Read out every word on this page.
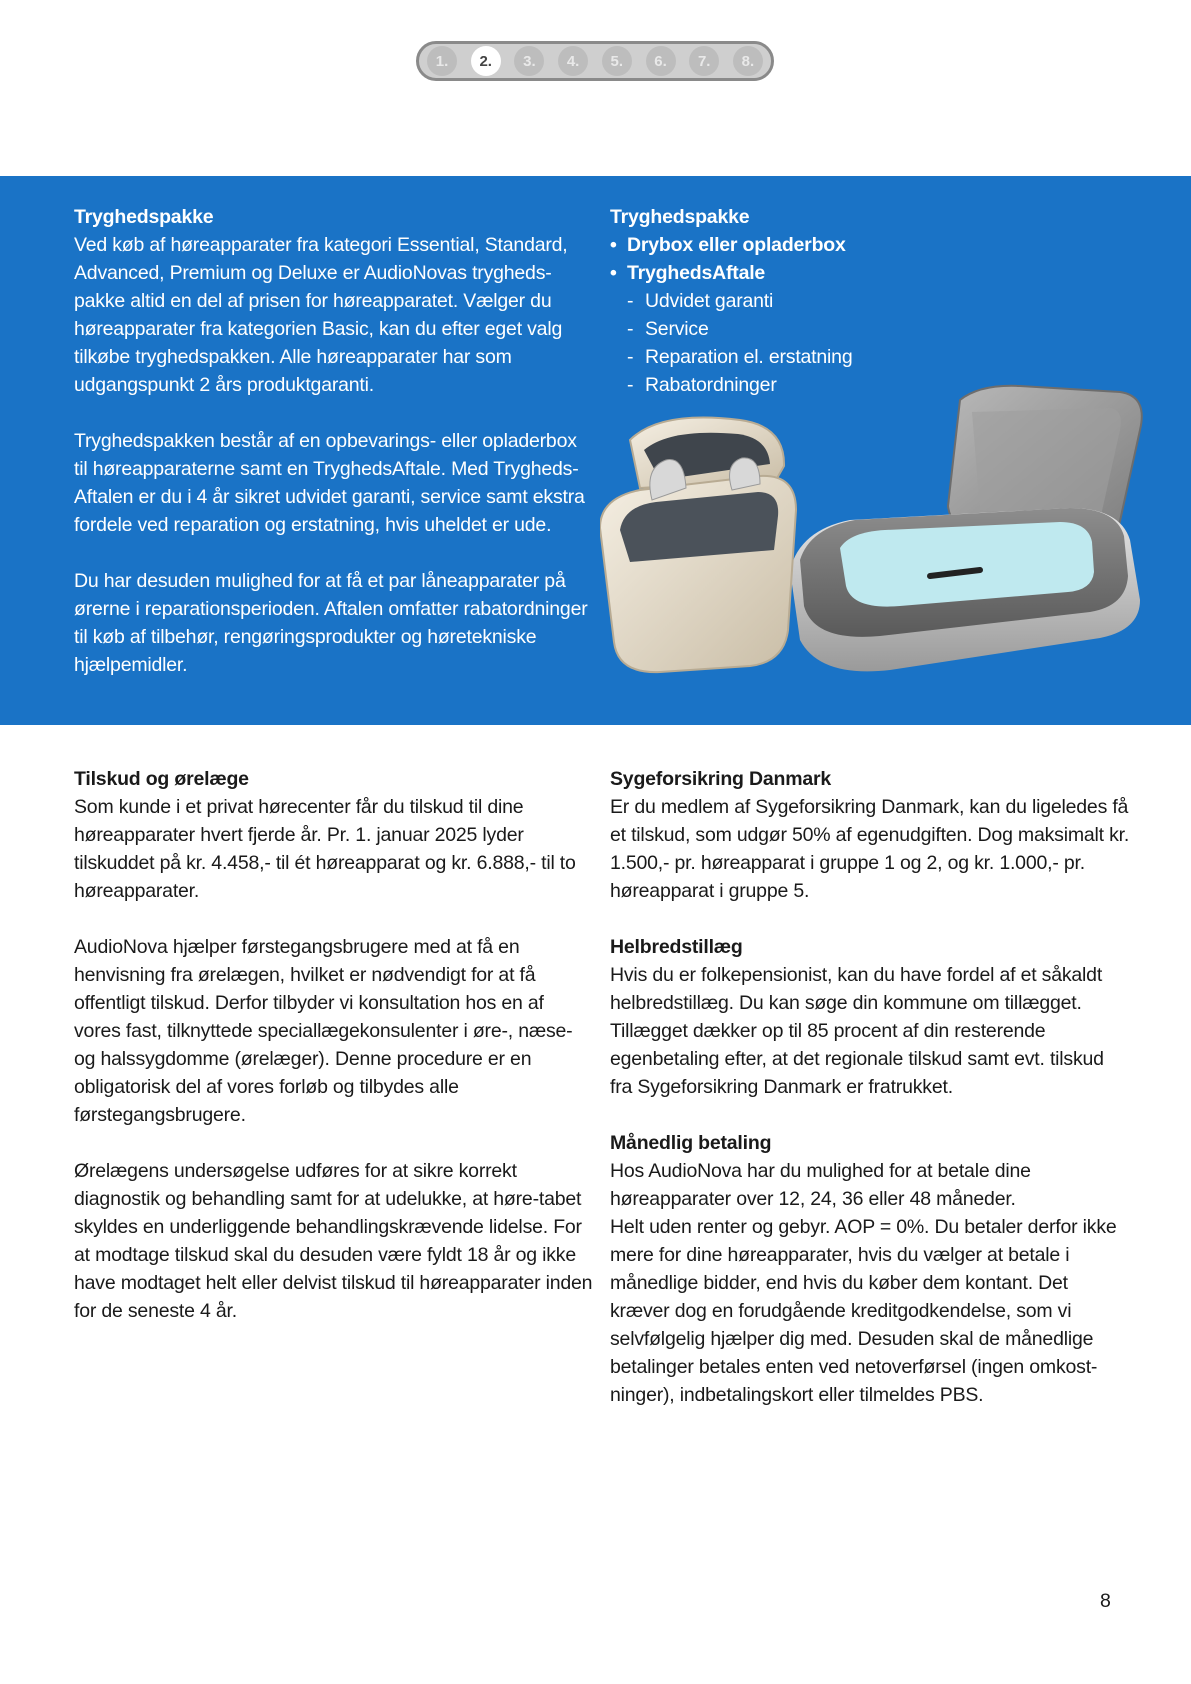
1.	2.	3.	4.	5.	6.	7.	8.
Tryghedspakke

Ved køb af høreapparater fra kategori Essential, Standard, Advanced, Premium og Deluxe er AudioNovas trygheds-pakke altid en del af prisen for høreapparatet. Vælger du høreapparater fra kategorien Basic, kan du efter eget valg tilkøbe tryghedspakken. Alle høreapparater har som udgangspunkt 2 års produktgaranti.

Tryghedspakken består af en opbevarings- eller opladerbox til høreapparaterne samt en TryghedsAftale. Med Trygheds-Aftalen er du i 4 år sikret udvidet garanti, service samt ekstra fordele ved reparation og erstatning, hvis uheldet er ude.

Du har desuden mulighed for at få et par låneapparater på ørerne i reparationsperioden. Aftalen omfatter rabatordninger til køb af tilbehør, rengøringsprodukter og høretekniske hjælpemidler.

Tryghedspakke
• Drybox eller opladerbox
• TryghedsAftale
- Udvidet garanti
- Service
- Reparation el. erstatning
- Rabatordninger
Tilskud og ørelæge

Som kunde i et privat hørecenter får du tilskud til dine høreapparater hvert fjerde år. Pr. 1. januar 2025 lyder tilskuddet på kr. 4.458,- til ét høreapparat og kr. 6.888,- til to høreapparater.

AudioNova hjælper førstegangsbrugere med at få en henvisning fra ørelægen, hvilket er nødvendigt for at få offentligt tilskud. Derfor tilbyder vi konsultation hos en af vores fast, tilknyttede speciallægekonsulenter i øre-, næse- og halssygdomme (ørelæger). Denne procedure er en obligatorisk del af vores forløb og tilbydes alle førstegangsbrugere.

Ørelægens undersøgelse udføres for at sikre korrekt diagnostik og behandling samt for at udelukke, at høre-tabet skyldes en underliggende behandlingskrævende lidelse. For at modtage tilskud skal du desuden være fyldt 18 år og ikke have modtaget helt eller delvist tilskud til høreapparater inden for de seneste 4 år.

Sygeforsikring Danmark

Er du medlem af Sygeforsikring Danmark, kan du ligeledes få et tilskud, som udgør 50% af egenudgiften. Dog maksimalt kr. 1.500,- pr. høreapparat i gruppe 1 og 2, og kr. 1.000,- pr. høreapparat i gruppe 5.

Helbredstillæg

Hvis du er folkepensionist, kan du have fordel af et såkaldt helbredstillæg. Du kan søge din kommune om tillægget. Tillægget dækker op til 85 procent af din resterende egenbetaling efter, at det regionale tilskud samt evt. tilskud fra Sygeforsikring Danmark er fratrukket.

Månedlig betaling
Hos AudioNova har du mulighed for at betale dine høreapparater over 12, 24, 36 eller 48 måneder.
Helt uden renter og gebyr. AOP = 0%. Du betaler derfor ikke mere for dine høreapparater, hvis du vælger at betale i månedlige bidder, end hvis du køber dem kontant. Det kræver dog en forudgående kreditgodkendelse, som vi selvfølgelig hjælper dig med. Desuden skal de månedlige betalinger betales enten ved netoverførsel (ingen omkost-ninger), indbetalingskort eller tilmeldes PBS.
8
